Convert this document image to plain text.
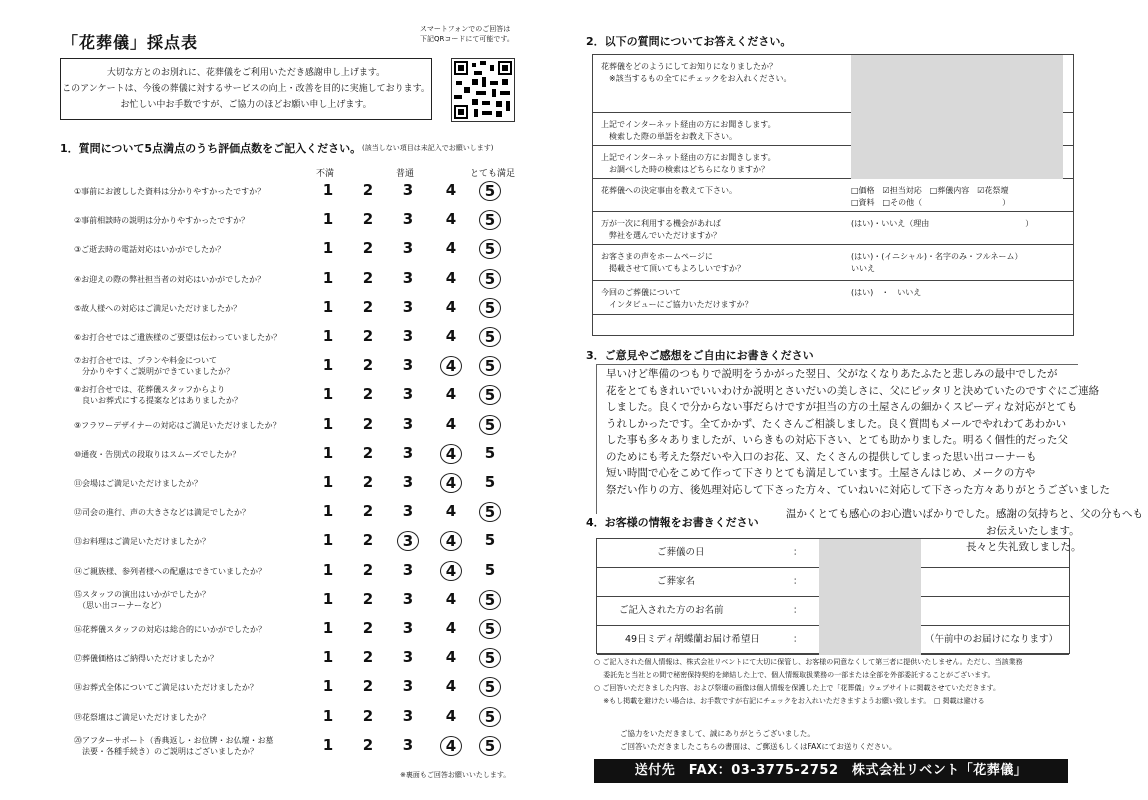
「花葬儀」採点表
スマートフォンでのご回答は
下記QRコードにて可能です。
大切な方とのお別れに、花葬儀をご利用いただき感謝申し上げます。
このアンケートは、今後の葬儀に対するサービスの向上・改善を目的に実施しております。
お忙しい中お手数ですが、ご協力のほどお願い申し上げます。
1．質問について5点満点のうち評価点数をご記入ください。 (該当しない項目は未記入でお願いします)
不満	普通	とても満足
①事前にお渡しした資料は分かりやすかったですか？	1	2	3	4	5
②事前相談時の説明は分かりやすかったですか？	1	2	3	4	5
③ご逝去時の電話対応はいかがでしたか？	1	2	3	4	5
④お迎えの際の弊社担当者の対応はいかがでしたか？	1	2	3	4	5
⑤故人様への対応はご満足いただけましたか？	1	2	3	4	5
⑥お打合せではご遺族様のご要望は伝わっていましたか？	1	2	3	4	5
⑦お打合せでは、プランや料金について
　分かりやすくご説明ができていましたか？	1	2	3	4	5
⑧お打合せでは、花葬儀スタッフからより
　良いお葬式にする提案などはありましたか？	1	2	3	4	5
⑨フラワーデザイナーの対応はご満足いただけましたか？	1	2	3	4	5
⑩通夜・告別式の段取りはスムーズでしたか？	1	2	3	4	5
⑪会場はご満足いただけましたか？	1	2	3	4	5
⑫司会の進行、声の大きさなどは満足でしたか？	1	2	3	4	5
⑬お料理はご満足いただけましたか？	1	2	3	4	5
⑭ご親族様、参列者様への配慮はできていましたか？	1	2	3	4	5
⑮スタッフの演出はいかがでしたか？
　（思い出コーナーなど）	1	2	3	4	5
⑯花葬儀スタッフの対応は総合的にいかがでしたか？	1	2	3	4	5
⑰葬儀価格はご納得いただけましたか？	1	2	3	4	5
⑱お葬式全体についてご満足はいただけましたか？	1	2	3	4	5
⑲花祭壇はご満足いただけましたか？	1	2	3	4	5
⑳アフターサポート（香典返し・お位牌・お仏壇・お墓
　法要・各種手続き）のご説明はございましたか？	1	2	3	4	5
※裏面もご回答お願いいたします。
2．以下の質問についてお答えください。
花葬儀をどのようにしてお知りになりましたか？
　※該当するもの全てにチェックをお入れください。
上記でインターネット経由の方にお聞きします。
　検索した際の単語をお教え下さい。
上記でインターネット経由の方にお聞きします。
　お調べした時の検索はどちらになりますか？
花葬儀への決定事由を教えて下さい。	□価格　☑担当対応　□葬儀内容　☑花祭壇
□資料　□その他（　　　　　　　　　　）
万が一次に利用する機会があれば
　弊社を選んでいただけますか？
(はい)・いいえ（理由　　　　　　　　　　　　）
お客さまの声をホームページに
　掲載させて頂いてもよろしいですか？
(はい)・(イニシャル)・名字のみ・フルネーム）
いいえ
今回のご葬儀について
　インタビューにご協力いただけますか？
(はい)　・　いいえ
3．ご意見やご感想をご自由にお書きください
早いけど準備のつもりで説明をうかがった翌日、父がなくなりあたふたと悲しみの最中でしたが
花をとてもきれいでいいわけか説明とさいだいの美しさに、父にピッタリと決めていたのですぐにご連絡
しました。良くで分からない事だらけですが担当の方の土屋さんの細かくスピーディな対応がとても
うれしかったです。全てかかず、たくさんご相談しました。良く質問もメールでやれわてあわかい
した事も多々ありましたが、いらきもの対応下さい、とても助かりました。明るく個性的だった父
のためにも考えた祭だいや入口のお花、又、たくさんの提供してしまった思い出コーナーも
短い時間で心をこめて作って下さりとても満足しています。土屋さんはじめ、メークの方や
祭だい作りの方、後処理対応して下さった方々、ていねいに対応して下さった方々ありがとうございました
温かくとても感心のお心遣いばかりでした。感謝の気持ちと、父の分もへも
お伝えいたします。
長々と失礼致しました。
4．お客様の情報をお書きください
ご葬儀の日	：
ご葬家名	：
ご記入された方のお名前	：
49日ミディ胡蝶蘭お届け希望日	：	（午前中のお届けになります）
○ ご記入された個人情報は、株式会社リベントにて大切に保管し、お客様の同意なくして第三者に提供いたしません。ただし、当該業務
　 委託先と当社との間で秘密保持契約を締結した上で、個人情報取扱業務の一部または全部を外部委託することがございます。
○ ご回答いただきました内容、および祭壇の画像は個人情報を保護した上で「花葬儀」ウェブサイトに掲載させていただきます。
　 ※もし掲載を避けたい場合は、お手数ですが右記にチェックをお入れいただきますようお願い致します。　□ 掲載は避ける
ご協力をいただきまして、誠にありがとうございました。
ご回答いただきましたこちらの書面は、ご郵送もしくはFAXにてお送りください。
送付先　FAX：03-3775-2752　株式会社リベント「花葬儀」
